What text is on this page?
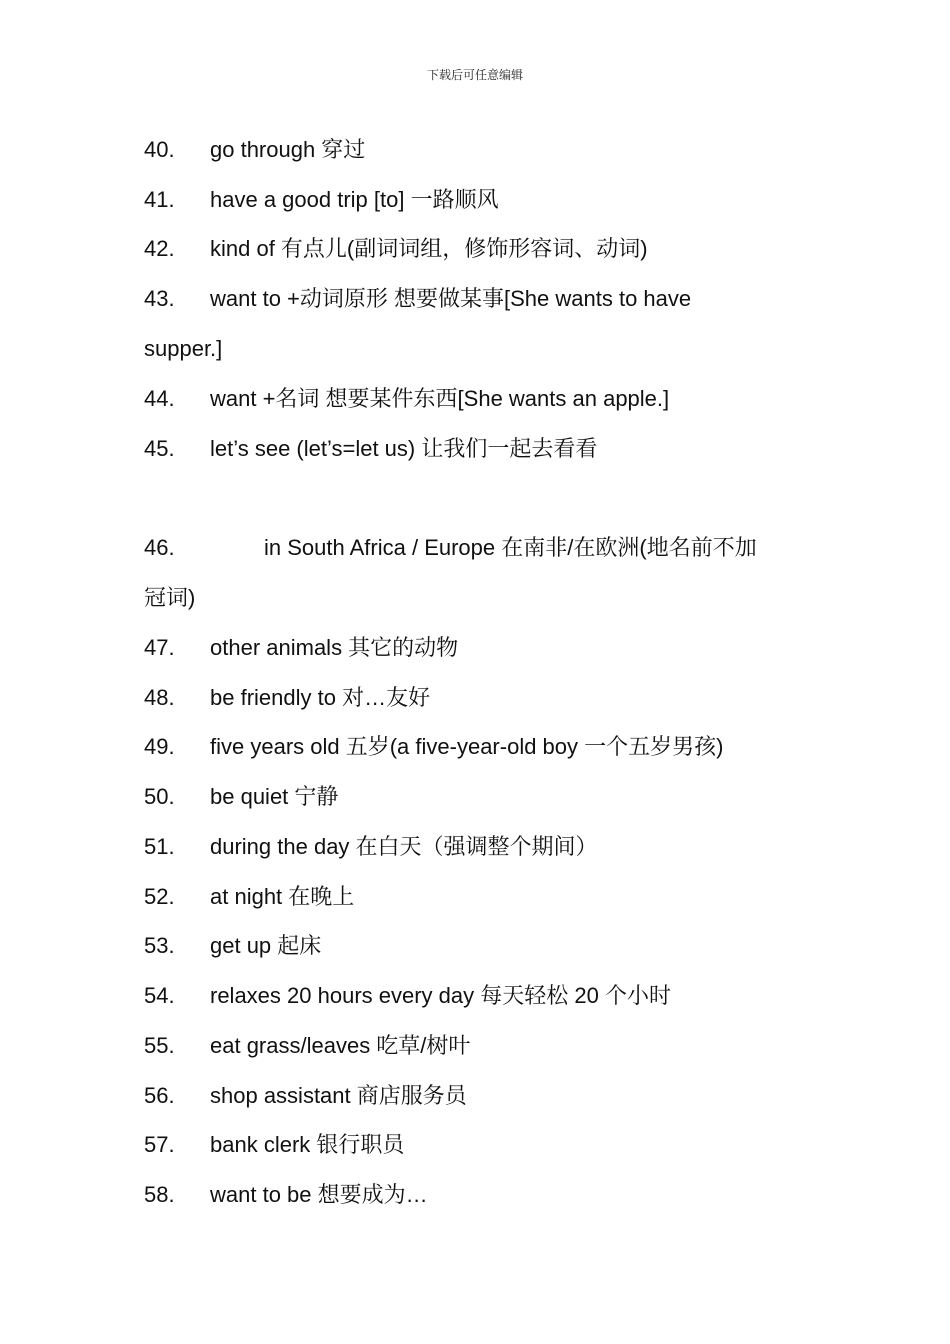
下载后可任意编辑
40. go through 穿过
41. have a good trip [to] 一路顺风
42. kind of 有点儿(副词词组，修饰形容词、动词)
43. want to +动词原形 想要做某事[She wants to have
supper.]
44. want +名词 想要某件东西[She wants an apple.]
45. let’s see (let’s=let us) 让我们一起去看看
46.	in South Africa / Europe 在南非/在欧洲(地名前不加
冠词)
47. other animals 其它的动物
48. be friendly to 对…友好
49. five years old 五岁(a five-year-old boy 一个五岁男孩)
50. be quiet 宁静
51. during the day 在白天（强调整个期间）
52. at night 在晚上
53. get up 起床
54. relaxes 20 hours every day 每天轻松 20 个小时
55. eat grass/leaves 吃草/树叶
56. shop assistant 商店服务员
57. bank clerk 银行职员
58. want to be 想要成为…
